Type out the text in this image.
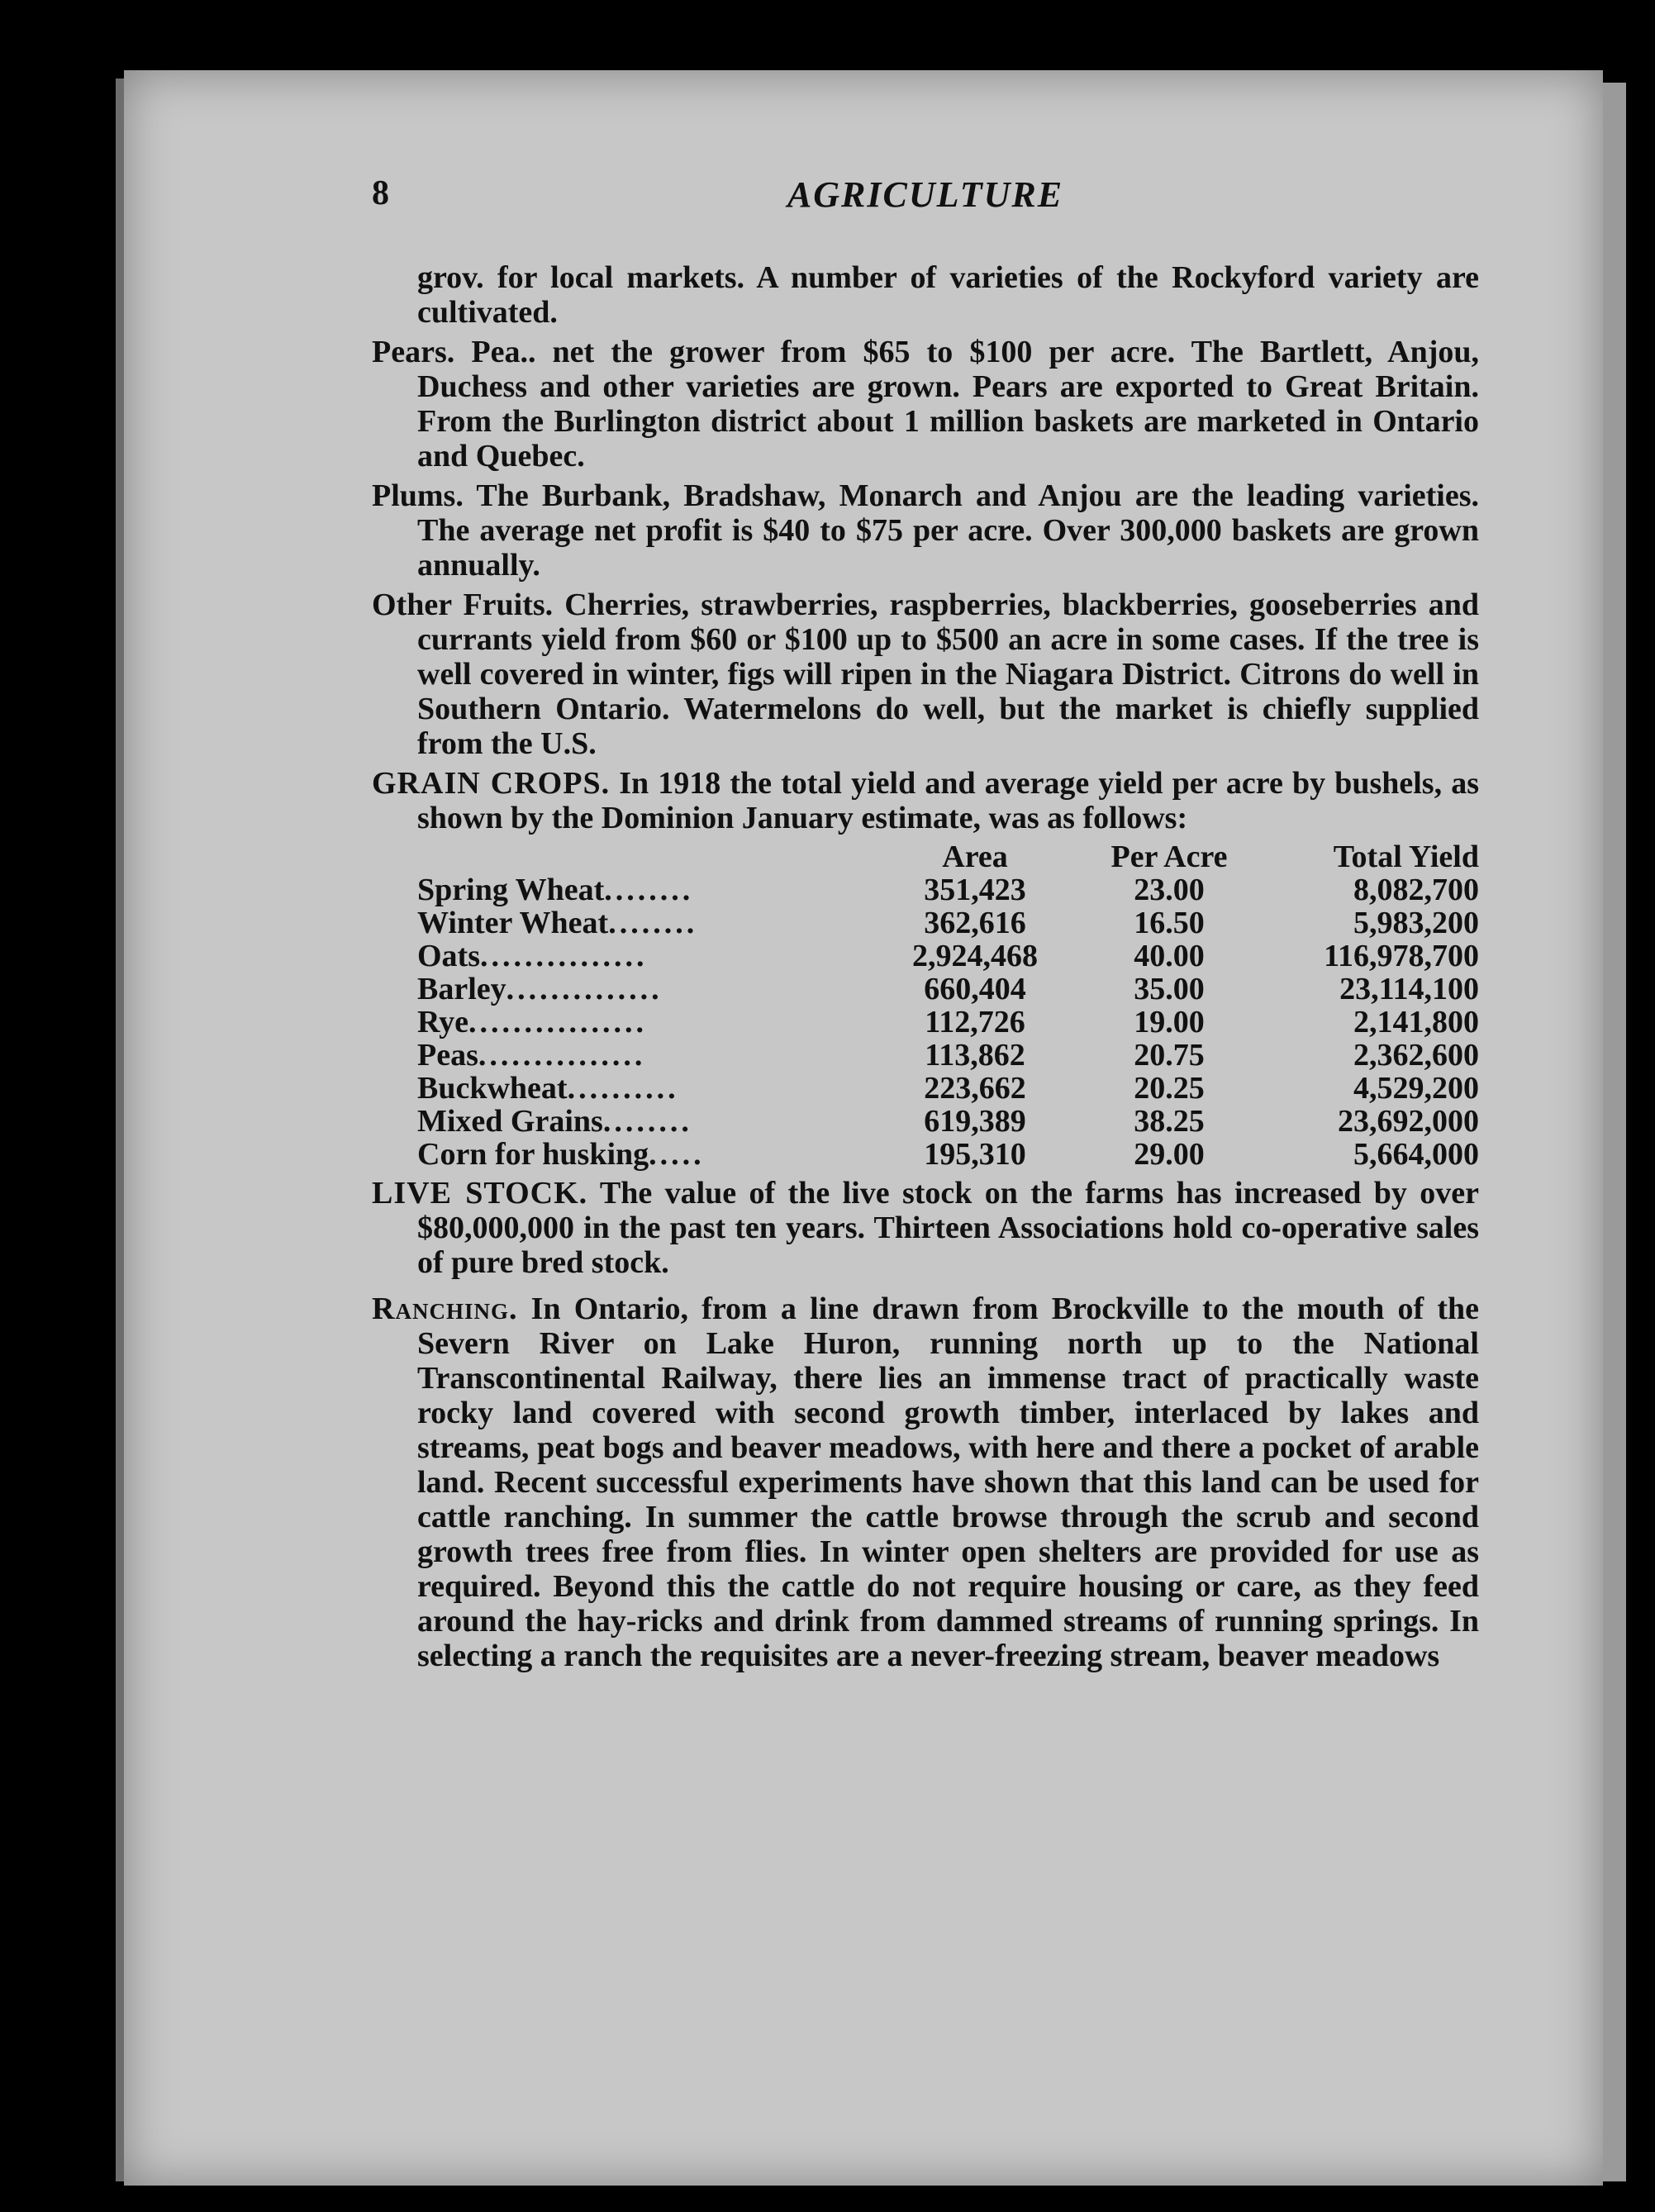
8	AGRICULTURE

grov. for local markets. A number of varieties of the Rockyford variety are cultivated.

Pears. Pea.. net the grower from $65 to $100 per acre. The Bartlett, Anjou, Duchess and other varieties are grown. Pears are exported to Great Britain. From the Burlington district about 1 million baskets are marketed in Ontario and Quebec.

Plums. The Burbank, Bradshaw, Monarch and Anjou are the leading varieties. The average net profit is $40 to $75 per acre. Over 300,000 baskets are grown annually.

Other Fruits. Cherries, strawberries, raspberries, blackberries, gooseberries and currants yield from $60 or $100 up to $500 an acre in some cases. If the tree is well covered in winter, figs will ripen in the Niagara District. Citrons do well in Southern Ontario. Watermelons do well, but the market is chiefly supplied from the U.S.

GRAIN CROPS. In 1918 the total yield and average yield per acre by bushels, as shown by the Dominion January estimate, was as follows:

	Area	Per Acre	Total Yield
Spring Wheat........	351,423	23.00	8,082,700
Winter Wheat........	362,616	16.50	5,983,200
Oats...............	2,924,468	40.00	116,978,700
Barley..............	660,404	35.00	23,114,100
Rye................	112,726	19.00	2,141,800
Peas...............	113,862	20.75	2,362,600
Buckwheat..........	223,662	20.25	4,529,200
Mixed Grains........	619,389	38.25	23,692,000
Corn for husking.....	195,310	29.00	5,664,000

LIVE STOCK. The value of the live stock on the farms has increased by over $80,000,000 in the past ten years. Thirteen Associations hold co-operative sales of pure bred stock.

Ranching. In Ontario, from a line drawn from Brockville to the mouth of the Severn River on Lake Huron, running north up to the National Transcontinental Railway, there lies an immense tract of practically waste rocky land covered with second growth timber, interlaced by lakes and streams, peat bogs and beaver meadows, with here and there a pocket of arable land. Recent successful experiments have shown that this land can be used for cattle ranching. In summer the cattle browse through the scrub and second growth trees free from flies. In winter open shelters are provided for use as required. Beyond this the cattle do not require housing or care, as they feed around the hay-ricks and drink from dammed streams of running springs. In selecting a ranch the requisites are a never-freezing stream, beaver meadows
